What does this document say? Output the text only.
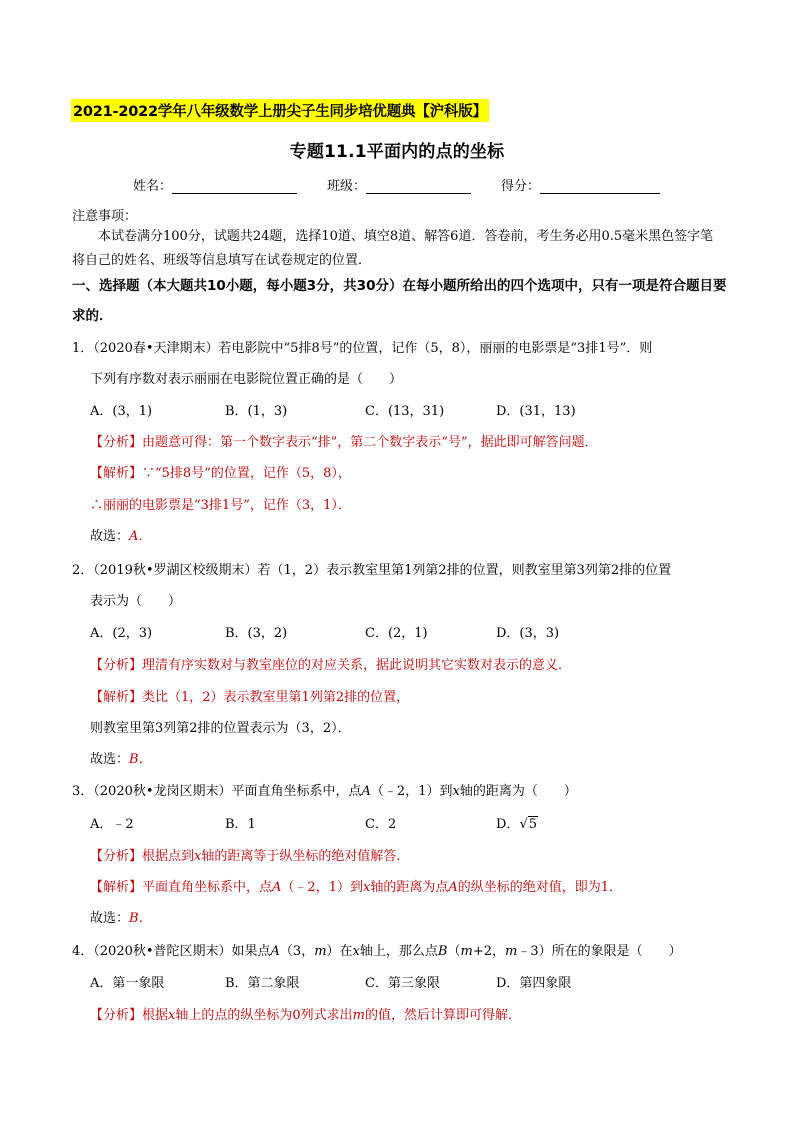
2021-2022学年八年级数学上册尖子生同步培优题典【沪科版】
专题11.1平面内的点的坐标
姓名：	班级：	得分：
注意事项：
本试卷满分100分，试题共24题，选择10道、填空8道、解答6道．答卷前，考生务必用0.5毫米黑色签字笔将自己的姓名、班级等信息填写在试卷规定的位置．
一、选择题（本大题共10小题，每小题3分，共30分）在每小题所给出的四个选项中，只有一项是符合题目要求的．
1．（2020春•天津期末）若电影院中“5排8号”的位置，记作（5，8），丽丽的电影票是“3排1号”．则
下列有序数对表示丽丽在电影院位置正确的是（　　）
A．(3，1)	B．(1，3)	C．(13，31)	D．(31，13)
【分析】由题意可得：第一个数字表示“排”，第二个数字表示“号”，据此即可解答问题．
【解析】∵“5排8号”的位置，记作（5，8），
∴丽丽的电影票是“3排1号”，记作（3，1）．
故选：A．
2．（2019秋•罗湖区校级期末）若（1，2）表示教室里第1列第2排的位置，则教室里第3列第2排的位置
表示为（　　）
A．(2，3)	B．(3，2)	C．(2，1)	D．(3，3)
【分析】理清有序实数对与教室座位的对应关系，据此说明其它实数对表示的意义．
【解析】类比（1，2）表示教室里第1列第2排的位置，
则教室里第3列第2排的位置表示为（3，2）．
故选：B．
3．（2020秋•龙岗区期末）平面直角坐标系中，点A（﹣2，1）到x轴的距离为（　　）
A．﹣2	B．1	C．2	D．√5
【分析】根据点到x轴的距离等于纵坐标的绝对值解答．
【解析】平面直角坐标系中，点A（﹣2，1）到x轴的距离为点A的纵坐标的绝对值，即为1．
故选：B．
4．（2020秋•普陀区期末）如果点A（3，m）在x轴上，那么点B（m+2，m﹣3）所在的象限是（　　）
A．第一象限	B．第二象限	C．第三象限	D．第四象限
【分析】根据x轴上的点的纵坐标为0列式求出m的值，然后计算即可得解．
